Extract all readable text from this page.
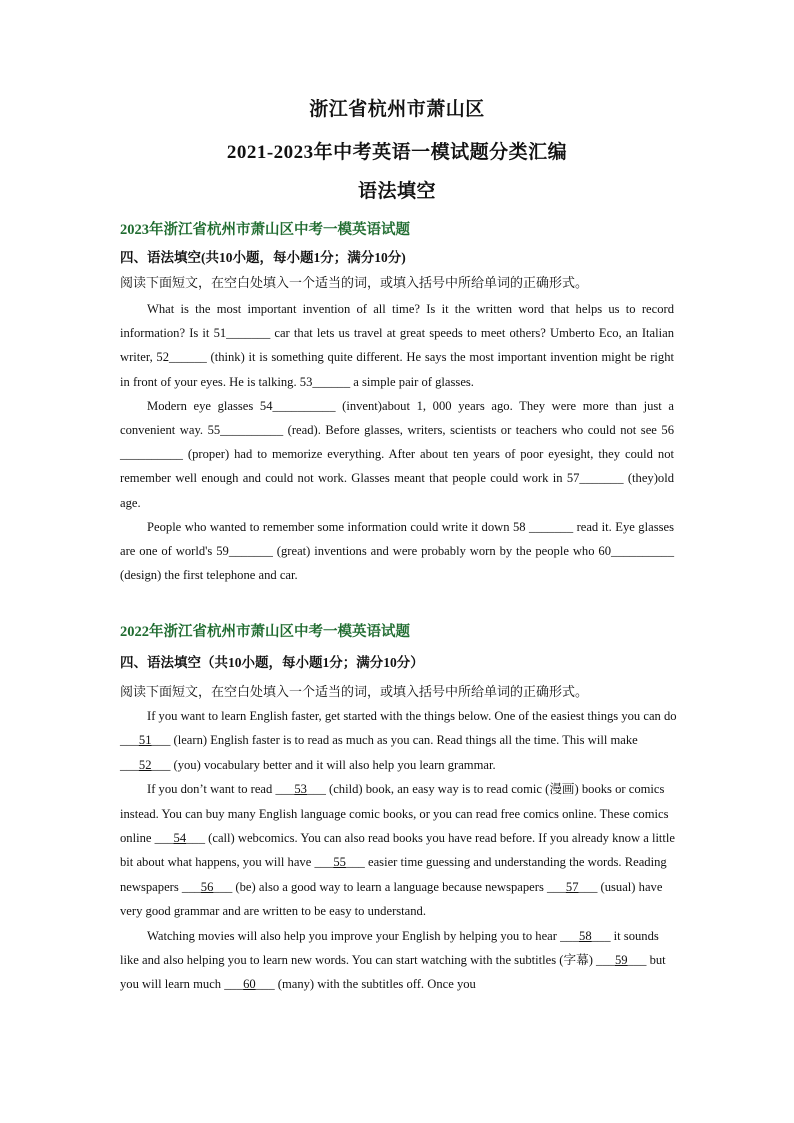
浙江省杭州市萧山区
2021-2023年中考英语一模试题分类汇编
语法填空
2023年浙江省杭州市萧山区中考一模英语试题
四、语法填空(共10小题，每小题1分；满分10分)
阅读下面短文，在空白处填入一个适当的词，或填入括号中所给单词的正确形式。

What is the most important invention of all time? Is it the written word that helps us to record information? Is it 51_______ car that lets us travel at great speeds to meet others? Umberto Eco, an Italian writer, 52______ (think) it is something quite different. He says the most important invention might be right in front of your eyes. He is talking. 53______ a simple pair of glasses.

Modern eye glasses 54__________ (invent)about 1, 000 years ago. They were more than just a convenient way. 55__________ (read). Before glasses, writers, scientists or teachers who could not see 56 __________ (proper) had to memorize everything. After about ten years of poor eyesight, they could not remember well enough and could not work. Glasses meant that people could work in 57_______ (they)old age.

People who wanted to remember some information could write it down 58 _______ read it. Eye glasses are one of world's 59_______ (great) inventions and were probably worn by the people who 60__________ (design) the first telephone and car.

2022年浙江省杭州市萧山区中考一模英语试题
四、语法填空（共10小题，每小题1分；满分10分）
阅读下面短文，在空白处填入一个适当的词，或填入括号中所给单词的正确形式。

If you want to learn English faster, get started with the things below. One of the easiest things you can do ___51___ (learn) English faster is to read as much as you can. Read things all the time. This will make ___52___ (you) vocabulary better and it will also help you learn grammar.

If you don’t want to read ___53___ (child) book, an easy way is to read comic (漫画) books or comics instead. You can buy many English language comic books, or you can read free comics online. These comics online ___54___ (call) webcomics. You can also read books you have read before. If you already know a little bit about what happens, you will have ___55___ easier time guessing and understanding the words. Reading newspapers ___56___ (be) also a good way to learn a language because newspapers ___57___ (usual) have very good grammar and are written to be easy to understand.

Watching movies will also help you improve your English by helping you to hear ___58___ it sounds like and also helping you to learn new words. You can start watching with the subtitles (字幕) ___59___ but you will learn much ___60___ (many) with the subtitles off. Once you
